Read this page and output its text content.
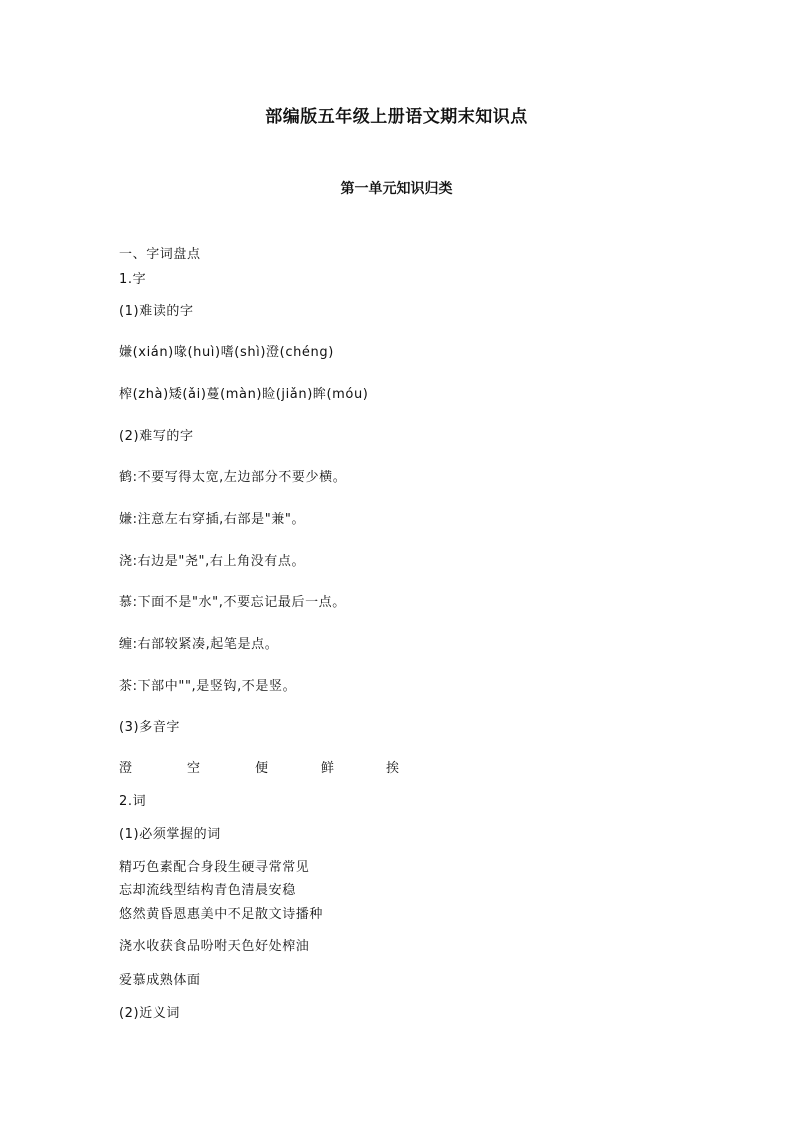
部编版五年级上册语文期末知识点
第一单元知识归类
一、字词盘点
1.字
(1)难读的字
嫌(xián)喙(huì)嗜(shì)澄(chéng)
榨(zhà)矮(ǎi)蔓(màn)睑(jiǎn)眸(móu)
(2)难写的字
鹤:不要写得太宽,左边部分不要少横。
嫌:注意左右穿插,右部是"兼"。
浇:右边是"尧",右上角没有点。
慕:下面不是"水",不要忘记最后一点。
缠:右部较紧凑,起笔是点。
茶:下部中"",是竖钩,不是竖。
(3)多音字
澄	空	便	鲜	挨
2.词
(1)必须掌握的词
精巧色素配合身段生硬寻常常见
忘却流线型结构青色清晨安稳
悠然黄昏恩惠美中不足散文诗播种
浇水收获食品吩咐天色好处榨油
爱慕成熟体面
(2)近义词
